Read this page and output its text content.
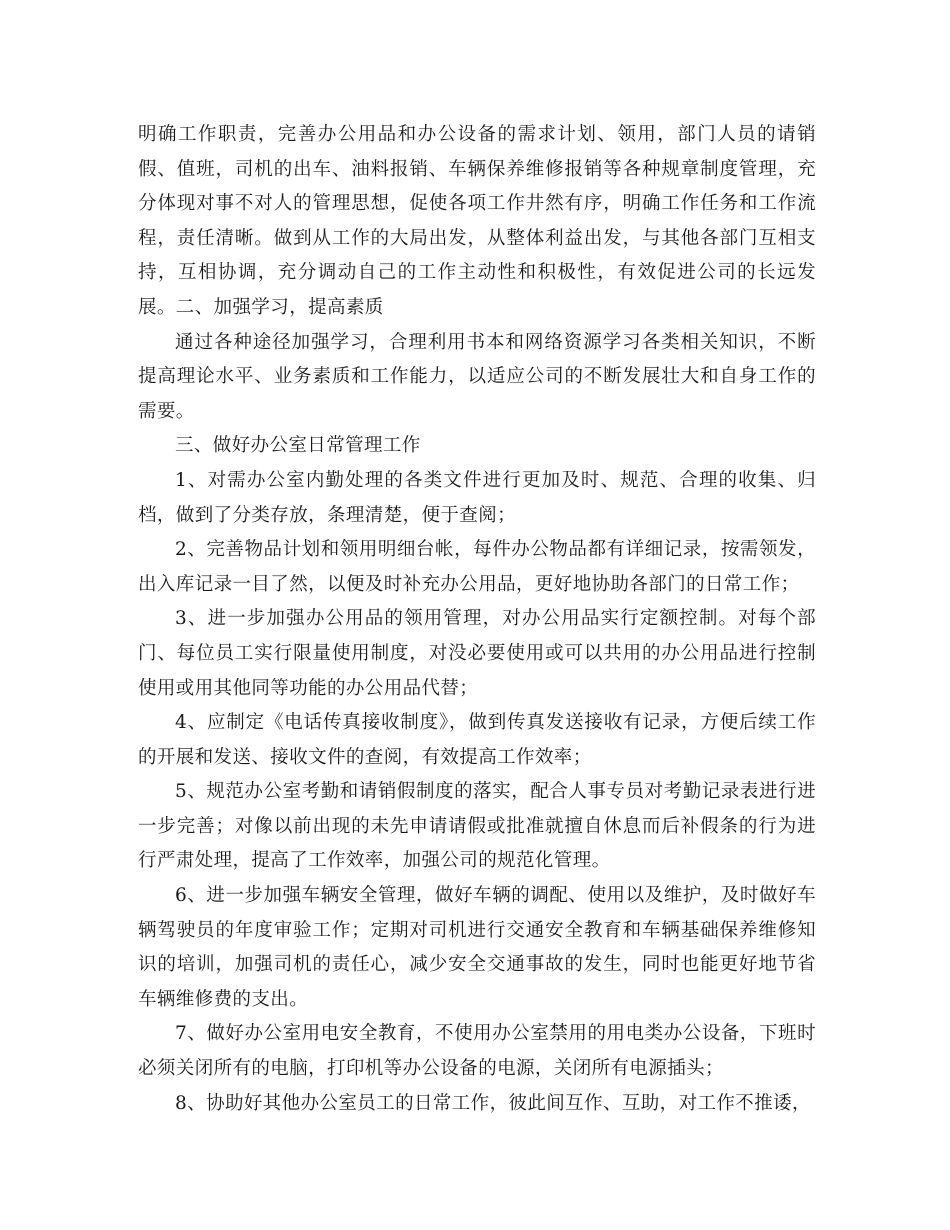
明确工作职责，完善办公用品和办公设备的需求计划、领用，部门人员的请销假、值班，司机的出车、油料报销、车辆保养维修报销等各种规章制度管理，充分体现对事不对人的管理思想，促使各项工作井然有序，明确工作任务和工作流程，责任清晰。做到从工作的大局出发，从整体利益出发，与其他各部门互相支持，互相协调，充分调动自己的工作主动性和积极性，有效促进公司的长远发展。二、加强学习，提高素质

通过各种途径加强学习，合理利用书本和网络资源学习各类相关知识，不断提高理论水平、业务素质和工作能力，以适应公司的不断发展壮大和自身工作的需要。

三、做好办公室日常管理工作

1、对需办公室内勤处理的各类文件进行更加及时、规范、合理的收集、归档，做到了分类存放，条理清楚，便于查阅；

2、完善物品计划和领用明细台帐，每件办公物品都有详细记录，按需领发，出入库记录一目了然，以便及时补充办公用品，更好地协助各部门的日常工作；

3、进一步加强办公用品的领用管理，对办公用品实行定额控制。对每个部门、每位员工实行限量使用制度，对没必要使用或可以共用的办公用品进行控制使用或用其他同等功能的办公用品代替；

4、应制定《电话传真接收制度》，做到传真发送接收有记录，方便后续工作的开展和发送、接收文件的查阅，有效提高工作效率；

5、规范办公室考勤和请销假制度的落实，配合人事专员对考勤记录表进行进一步完善；对像以前出现的未先申请请假或批准就擅自休息而后补假条的行为进行严肃处理，提高了工作效率，加强公司的规范化管理。

6、进一步加强车辆安全管理，做好车辆的调配、使用以及维护，及时做好车辆驾驶员的年度审验工作；定期对司机进行交通安全教育和车辆基础保养维修知识的培训，加强司机的责任心，减少安全交通事故的发生，同时也能更好地节省车辆维修费的支出。

7、做好办公室用电安全教育，不使用办公室禁用的用电类办公设备，下班时必须关闭所有的电脑，打印机等办公设备的电源，关闭所有电源插头；

8、协助好其他办公室员工的日常工作，彼此间互作、互助，对工作不推诿，
